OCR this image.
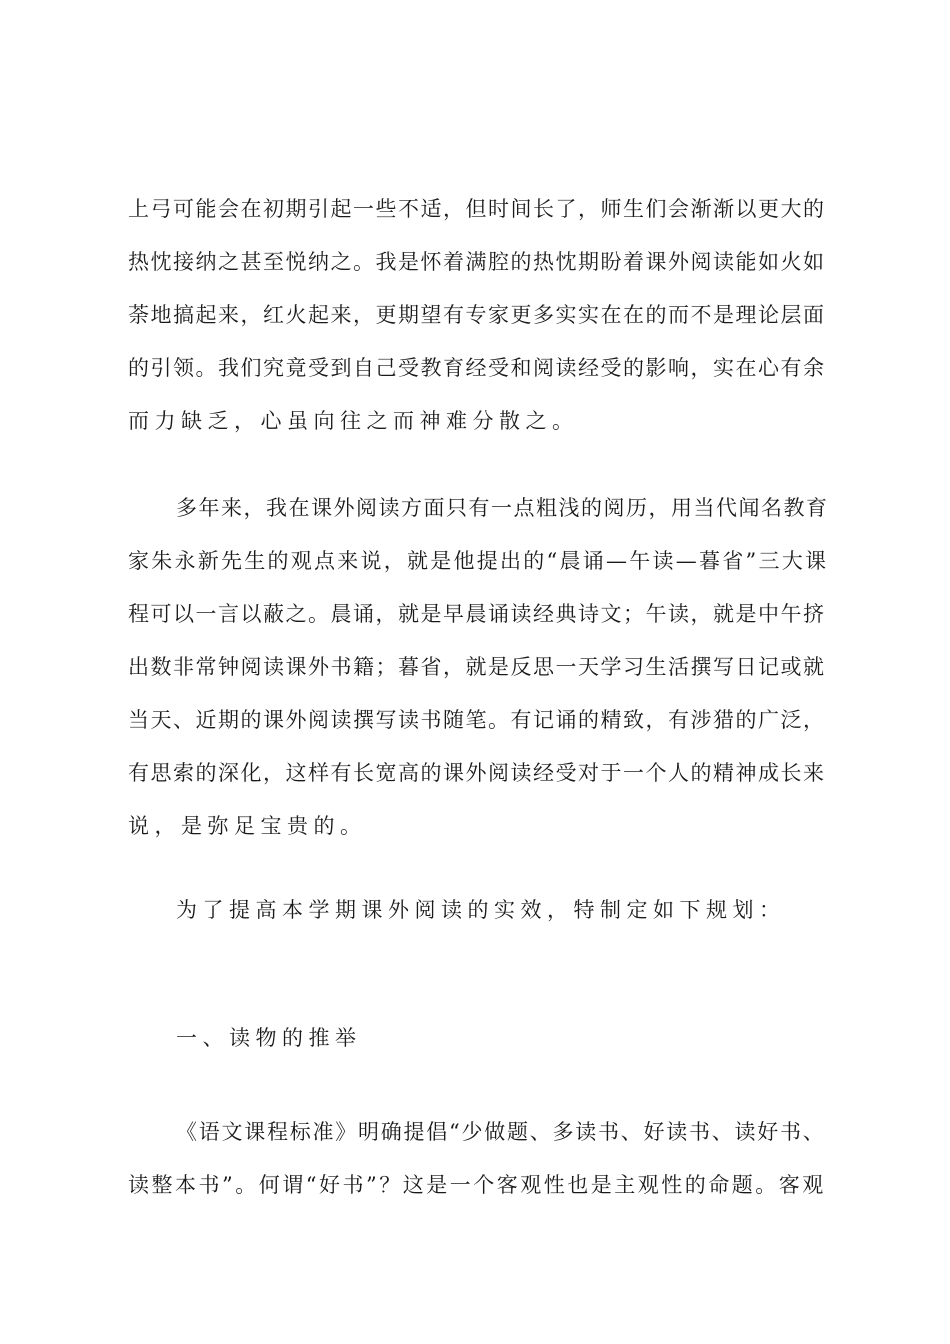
上弓可能会在初期引起一些不适，但时间长了，师生们会渐渐以更大的
热忱接纳之甚至悦纳之。我是怀着满腔的热忱期盼着课外阅读能如火如
荼地搞起来，红火起来，更期望有专家更多实实在在的而不是理论层面
的引领。我们究竟受到自己受教育经受和阅读经受的影响，实在心有余
而力缺乏，心虽向往之而神难分散之。
多年来，我在课外阅读方面只有一点粗浅的阅历，用当代闻名教育
家朱永新先生的观点来说，就是他提出的“晨诵—午读—暮省”三大课
程可以一言以蔽之。晨诵，就是早晨诵读经典诗文；午读，就是中午挤
出数非常钟阅读课外书籍；暮省，就是反思一天学习生活撰写日记或就
当天、近期的课外阅读撰写读书随笔。有记诵的精致，有涉猎的广泛，
有思索的深化，这样有长宽高的课外阅读经受对于一个人的精神成长来
说，是弥足宝贵的。
为了提高本学期课外阅读的实效，特制定如下规划：
一、读物的推举
《语文课程标准》明确提倡“少做题、多读书、好读书、读好书、
读整本书”。何谓“好书”？这是一个客观性也是主观性的命题。客观
